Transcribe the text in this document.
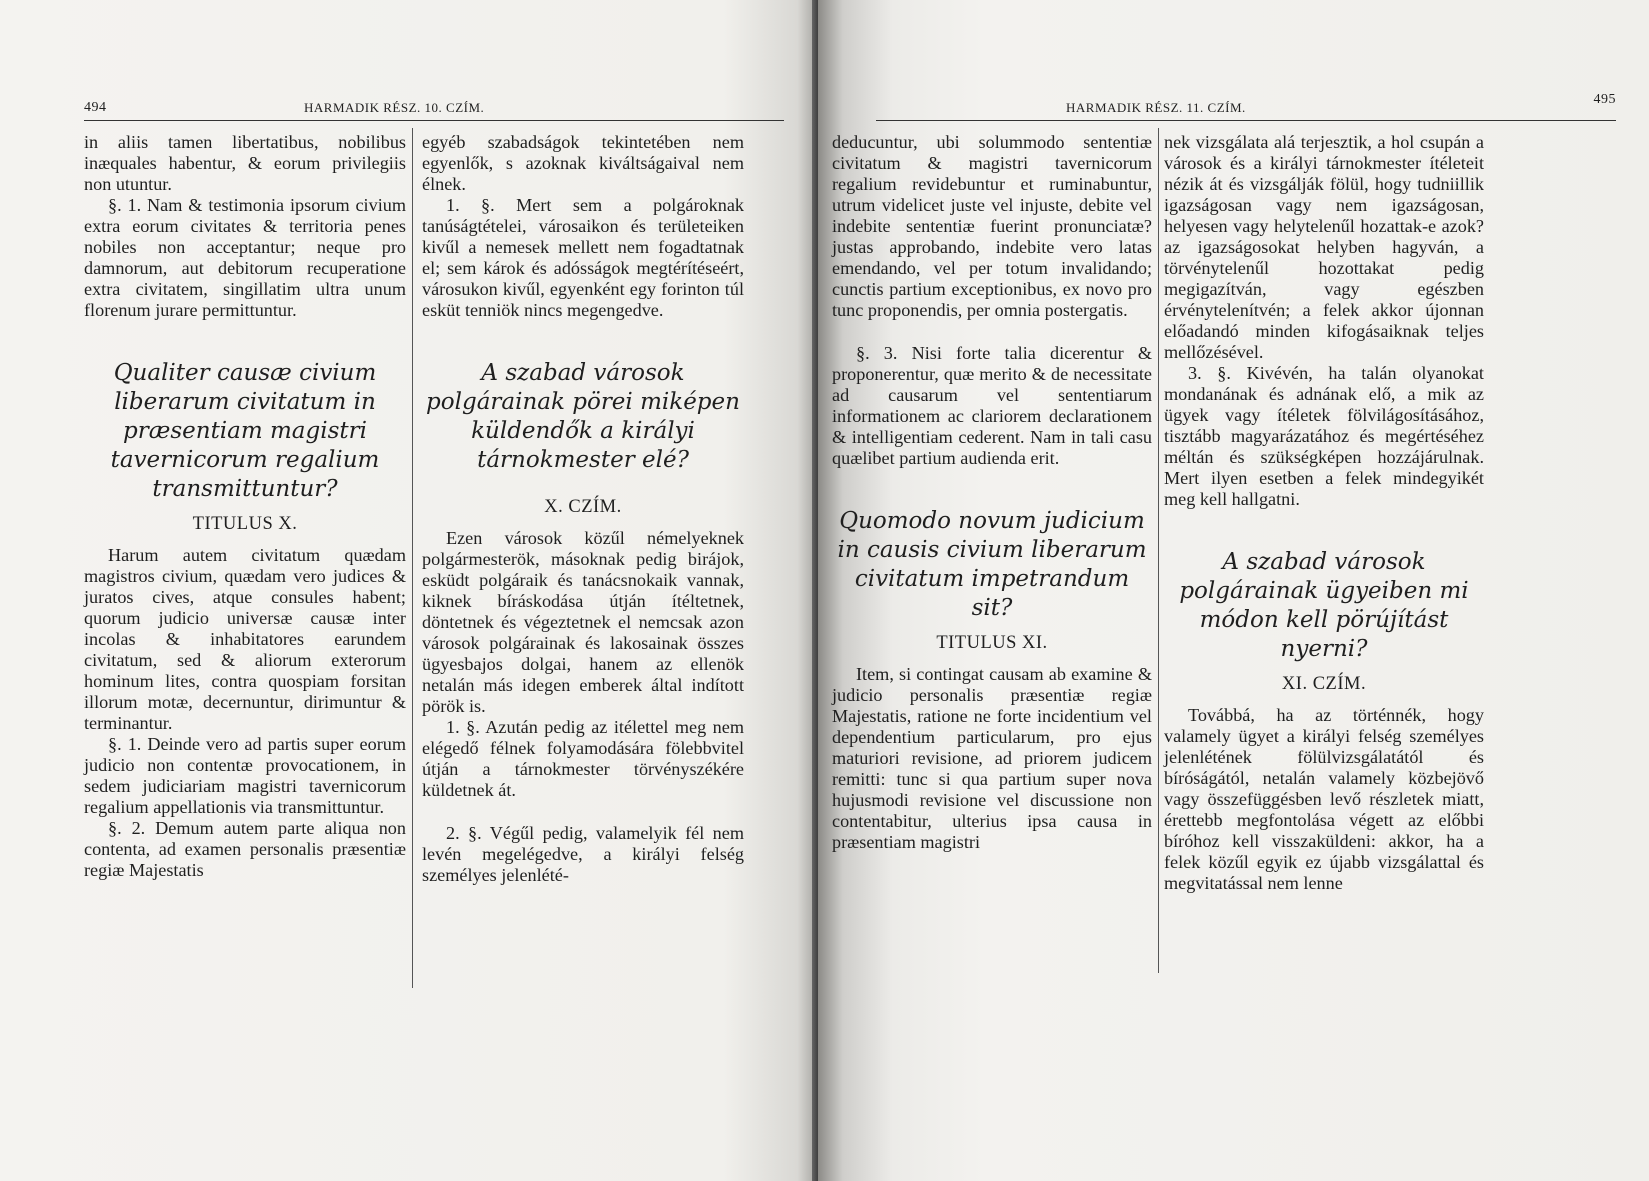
494	HARMADIK RÉSZ. 10. CZÍM.

in aliis tamen libertatibus, nobilibus inæquales habentur, & eorum privilegiis non utuntur.

§. 1. Nam & testimonia ipsorum civium extra eorum civitates & territoria penes nobiles non acceptantur; neque pro damnorum, aut debitorum recuperatione extra civitatem, singillatim ultra unum florenum jurare permittuntur.

Qualiter causæ civium liberarum civitatum in præsentiam magistri tavernicorum regalium transmittuntur?
TITULUS X.

Harum autem civitatum quædam magistros civium, quædam vero judices & juratos cives, atque consules habent; quorum judicio universæ causæ inter incolas & inhabitatores earundem civitatum, sed & aliorum exterorum hominum lites, contra quospiam forsitan illorum motæ, decernuntur, dirimuntur & terminantur.

§. 1. Deinde vero ad partis super eorum judicio non contentæ provocationem, in sedem judiciariam magistri tavernicorum regalium appellationis via transmittuntur.

§. 2. Demum autem parte aliqua non contenta, ad examen personalis præsentiæ regiæ Majestatis

egyéb szabadságok tekintetében nem egyenlők, s azoknak kiváltságaival nem élnek.

1. §. Mert sem a polgároknak tanúságtételei, városaikon és területeiken kivűl a nemesek mellett nem fogadtatnak el; sem károk és adósságok megtérítéseért, városukon kivűl, egyenként egy forinton túl esküt tenniök nincs megengedve.

A szabad városok polgárainak pörei miképen küldendők a királyi tárnokmester elé?
X. CZÍM.

Ezen városok közűl némelyeknek polgármesterök, másoknak pedig birájok, esküdt polgáraik és tanácsnokaik vannak, kiknek bíráskodása útján ítéltetnek, döntetnek és végeztetnek el nemcsak azon városok polgárainak és lakosainak összes ügyesbajos dolgai, hanem az ellenök netalán más idegen emberek által indított pörök is.

1. §. Azután pedig az itélettel meg nem elégedő félnek folyamodására fölebbvitel útján a tárnokmester törvényszékére küldetnek át.

2. §. Végűl pedig, valamelyik fél nem levén megelégedve, a királyi felség személyes jelenlété-

HARMADIK RÉSZ. 11. CZÍM.
495

deducuntur, ubi solummodo sententiæ civitatum & magistri tavernicorum regalium revidebuntur et ruminabuntur, utrum videlicet juste vel injuste, debite vel indebite sententiæ fuerint pronunciatæ? justas approbando, indebite vero latas emendando, vel per totum invalidando; cunctis partium exceptionibus, ex novo pro tunc proponendis, per omnia postergatis.

§. 3. Nisi forte talia dicerentur & proponerentur, quæ merito & de necessitate ad causarum vel sententiarum informationem ac clariorem declarationem & intelligentiam cederent. Nam in tali casu quælibet partium audienda erit.

Quomodo novum judicium in causis civium liberarum civitatum impetrandum sit?
TITULUS XI.

Item, si contingat causam ab examine & judicio personalis præsentiæ regiæ Majestatis, ratione ne forte incidentium vel dependentium particularum, pro ejus maturiori revisione, ad priorem judicem remitti: tunc si qua partium super nova hujusmodi revisione vel discussione non contentabitur, ulterius ipsa causa in præsentiam magistri

nek vizsgálata alá terjesztik, a hol csupán a városok és a királyi tárnokmester ítéleteit nézik át és vizsgálják fölül, hogy tudniillik igazságosan vagy nem igazságosan, helyesen vagy helytelenűl hozattak-e azok? az igazságosokat helyben hagyván, a törvénytelenűl hozottakat pedig megigazítván, vagy egészben érvénytelenítvén; a felek akkor újonnan előadandó minden kifogásaiknak teljes mellőzésével.

3. §. Kivévén, ha talán olyanokat mondanának és adnának elő, a mik az ügyek vagy ítéletek fölvilágosításához, tisztább magyarázatához és megértéséhez méltán és szükségképen hozzájárulnak. Mert ilyen esetben a felek mindegyikét meg kell hallgatni.

A szabad városok polgárainak ügyeiben mi módon kell pörújítást nyerni?
XI. CZÍM.

Továbbá, ha az történnék, hogy valamely ügyet a királyi felség személyes jelenlétének fölülvizsgálatától és bíróságától, netalán valamely közbejövő vagy összefüggésben levő részletek miatt, érettebb megfontolása végett az előbbi bíróhoz kell visszaküldeni: akkor, ha a felek közűl egyik ez újabb vizsgálattal és megvitatással nem lenne
